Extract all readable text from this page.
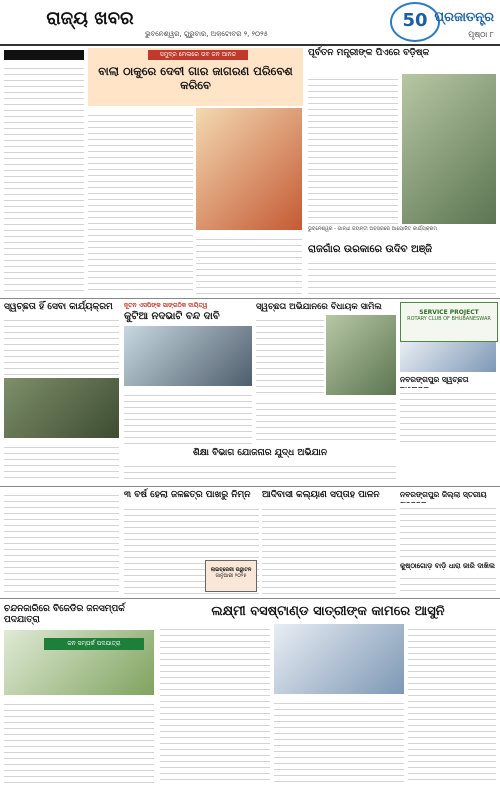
ରାଜ୍ୟ ଖବର
ଭୁବନେଶ୍ୱର, ଗୁରୁବାର, ଅକ୍ଟୋବର ୨, ୨୦୨୫
50 ପ୍ରଜାତନ୍ତ୍ର
ପୃଷ୍ଠା ୮
ସମୁଦ୍ର ମେଳାରେ ଭବ ଜନ ଆନନ୍ଦ
ବାଲା ଠାକୁରେ ଦେବୀ ଗାର ଜାଗରଣ ପରିବେଶ କରିବେ
ପୂର୍ବତନ ମନ୍ତ୍ରୀଙ୍କ ପିଏରେ ବଡ଼ିଷ୍କ
ଭୁବନେଶ୍ୱର - ଗାନ୍ଧୀ ଜୟନ୍ତୀ ଅବସରରେ ଆୟୋଜିତ କାର୍ଯ୍ୟକ୍ରମ
ରାଜଗାଁର ଉରକାରେ ଉଦିବ ଅଞ୍ଜି
ସ୍ୱଚ୍ଛତା ହିଁ ସେବା କାର୍ଯ୍ୟକ୍ରମ	ନୂତନ ଏସପିଙ୍କ ସାଙ୍ଗଠିକ ଦାୟିତ୍ୱ
କୁଟିଆ ନଦଭାଟି ବନ୍ଦ ଦାବି
ସ୍ୱଚ୍ଛତା ଅଭିଯାନରେ ବିଧାୟକ ସାମିଲ
SERVICE PROJECT
ROTARY CLUB OF BHUBANESWAR
ନବରଙ୍ଗପୁର ସ୍ୱଚ୍ଛତା
ଶିକ୍ଷା ବିଭାଗ ଯୋଜନାର ଯୁଦ୍ଧ ଅଭିଯାନ
୩ ବର୍ଷ ହେଲା ଜଳଛତ୍ର ପାଖରୁ ନିମ୍ନ
ଲାଇବ୍ରେରୀ ଉଦ୍ଘାଟନ
ଜାନୁଆରୀ ୨୦୨୫
ଆଦିବାସୀ କଲ୍ୟାଣ ସପ୍ତାହ ପାଳନ	ନବରଙ୍ଗପୁର ଜିଲ୍ଲା ସ୍ତରୀୟ
କୁଷ୍ଠାଗୋଡ଼ ବାଡ଼ି ଧାରା ଜାରି ଦାଖିଲ
ଚନ୍ଦନଜାରିରେ ବିଜେଡିର ଜନସମ୍ପର୍କ ପଦଯାତ୍ରା
ଜନ ସମ୍ପର୍କ ପଦଯାତ୍ରା
ଲକ୍ଷ୍ମୀ ବସଷ୍ଟାଣ୍ଡ ସାତ୍ରୀଙ୍କ କାମରେ ଆସୁନି
